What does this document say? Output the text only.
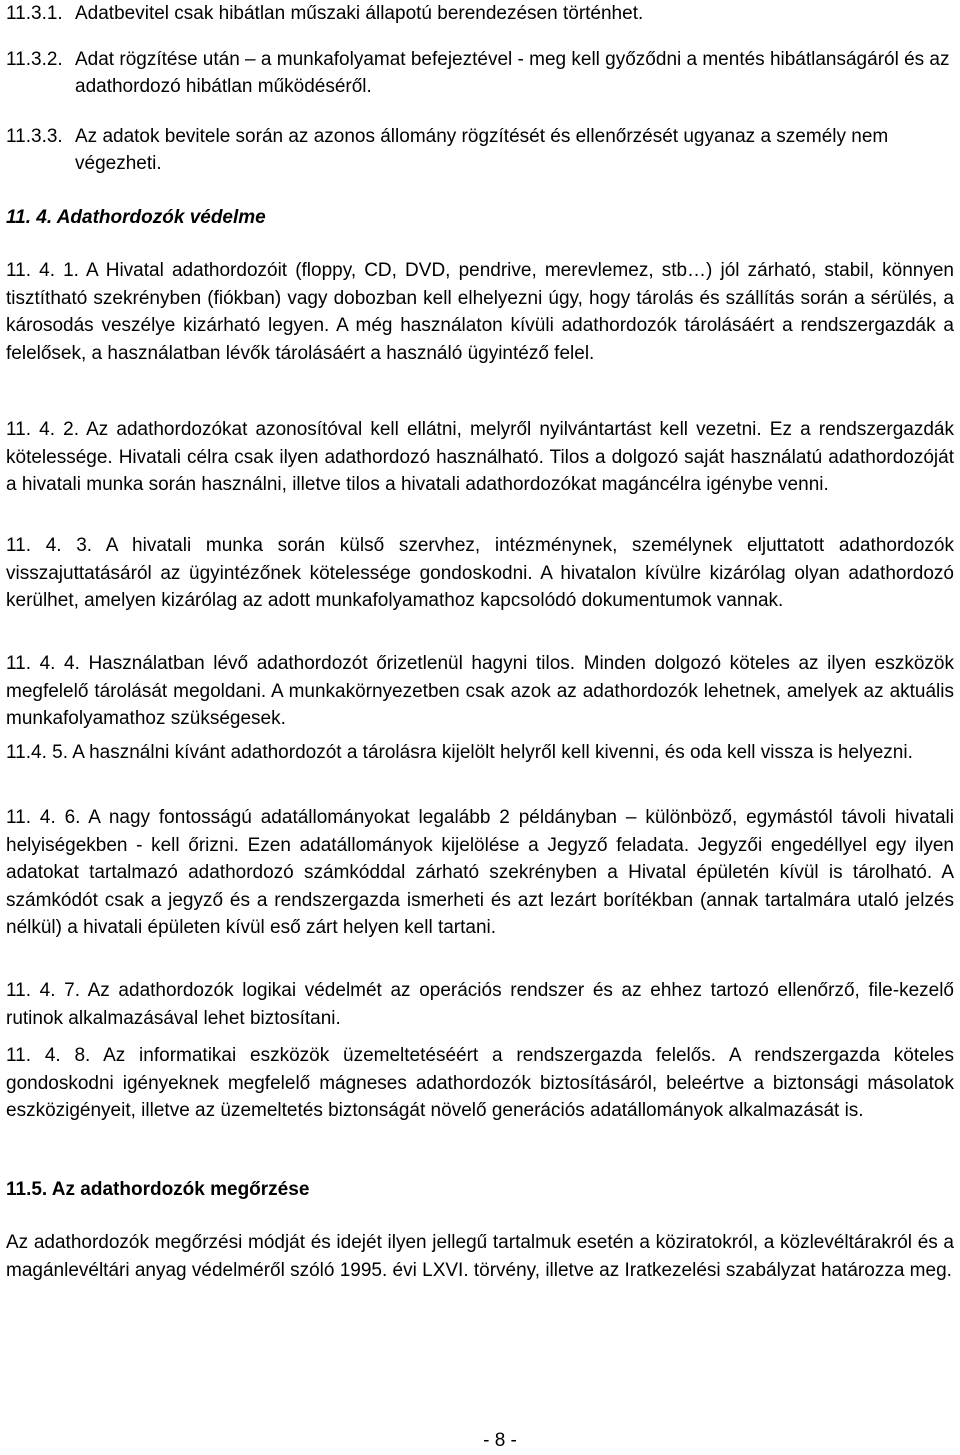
11.3.1. Adatbevitel csak hibátlan műszaki állapotú berendezésen történhet.
11.3.2. Adat rögzítése után – a munkafolyamat befejeztével - meg kell győződni a mentés hibátlanságáról és az adathordozó hibátlan működéséről.
11.3.3. Az adatok bevitele során az azonos állomány rögzítését és ellenőrzését ugyanaz a személy nem végezheti.
11. 4. Adathordozók védelme

11. 4. 1. A Hivatal adathordozóit (floppy, CD, DVD, pendrive, merevlemez, stb…) jól zárható, stabil, könnyen tisztítható szekrényben (fiókban) vagy dobozban kell elhelyezni úgy, hogy tárolás és szállítás során a sérülés, a károsodás veszélye kizárható legyen. A még használaton kívüli adathordozók tárolásáért a rendszergazdák a felelősek, a használatban lévők tárolásáért a használó ügyintéző felel.

11. 4. 2. Az adathordozókat azonosítóval kell ellátni, melyről nyilvántartást kell vezetni. Ez a rendszergazdák kötelessége. Hivatali célra csak ilyen adathordozó használható. Tilos a dolgozó saját használatú adathordozóját a hivatali munka során használni, illetve tilos a hivatali adathordozókat magáncélra igénybe venni.

11. 4. 3. A hivatali munka során külső szervhez, intézménynek, személynek eljuttatott adathordozók visszajuttatásáról az ügyintézőnek kötelessége gondoskodni. A hivatalon kívülre kizárólag olyan adathordozó kerülhet, amelyen kizárólag az adott munkafolyamathoz kapcsolódó dokumentumok vannak.

11. 4. 4. Használatban lévő adathordozót őrizetlenül hagyni tilos. Minden dolgozó köteles az ilyen eszközök megfelelő tárolását megoldani. A munkakörnyezetben csak azok az adathordozók lehetnek, amelyek az aktuális munkafolyamathoz szükségesek.

11.4. 5. A használni kívánt adathordozót a tárolásra kijelölt helyről kell kivenni, és oda kell vissza is helyezni.

11. 4. 6. A nagy fontosságú adatállományokat legalább 2 példányban – különböző, egymástól távoli hivatali helyiségekben - kell őrizni. Ezen adatállományok kijelölése a Jegyző feladata. Jegyzői engedéllyel egy ilyen adatokat tartalmazó adathordozó számkóddal zárható szekrényben a Hivatal épületén kívül is tárolható. A számkódót csak a jegyző és a rendszergazda ismerheti és azt lezárt borítékban (annak tartalmára utaló jelzés nélkül) a hivatali épületen kívül eső zárt helyen kell tartani.

11. 4. 7. Az adathordozók logikai védelmét az operációs rendszer és az ehhez tartozó ellenőrző, file-kezelő rutinok alkalmazásával lehet biztosítani.

11. 4. 8. Az informatikai eszközök üzemeltetéséért a rendszergazda felelős. A rendszergazda köteles gondoskodni igényeknek megfelelő mágneses adathordozók biztosításáról, beleértve a biztonsági másolatok eszközigényeit, illetve az üzemeltetés biztonságát növelő generációs adatállományok alkalmazását is.

11.5. Az adathordozók megőrzése

Az adathordozók megőrzési módját és idejét ilyen jellegű tartalmuk esetén a köziratokról, a közlevéltárakról és a magánlevéltári anyag védelméről szóló 1995. évi LXVI. törvény, illetve az Iratkezelési szabályzat határozza meg.

- 8 -
